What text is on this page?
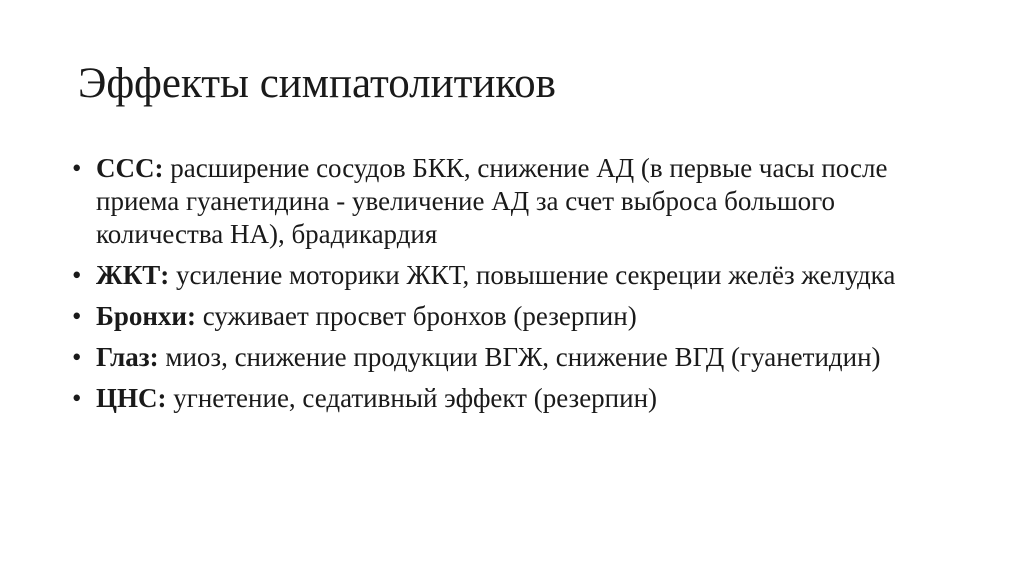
Эффекты симпатолитиков
• ССС: расширение сосудов БКК, снижение АД (в первые часы после приема гуанетидина - увеличение АД за счет выброса большого количества НА), брадикардия
• ЖКТ: усиление моторики ЖКТ, повышение секреции желёз желудка
• Бронхи: суживает просвет бронхов (резерпин)
• Глаз: миоз, снижение продукции ВГЖ, снижение ВГД (гуанетидин)
• ЦНС: угнетение, седативный эффект (резерпин)
